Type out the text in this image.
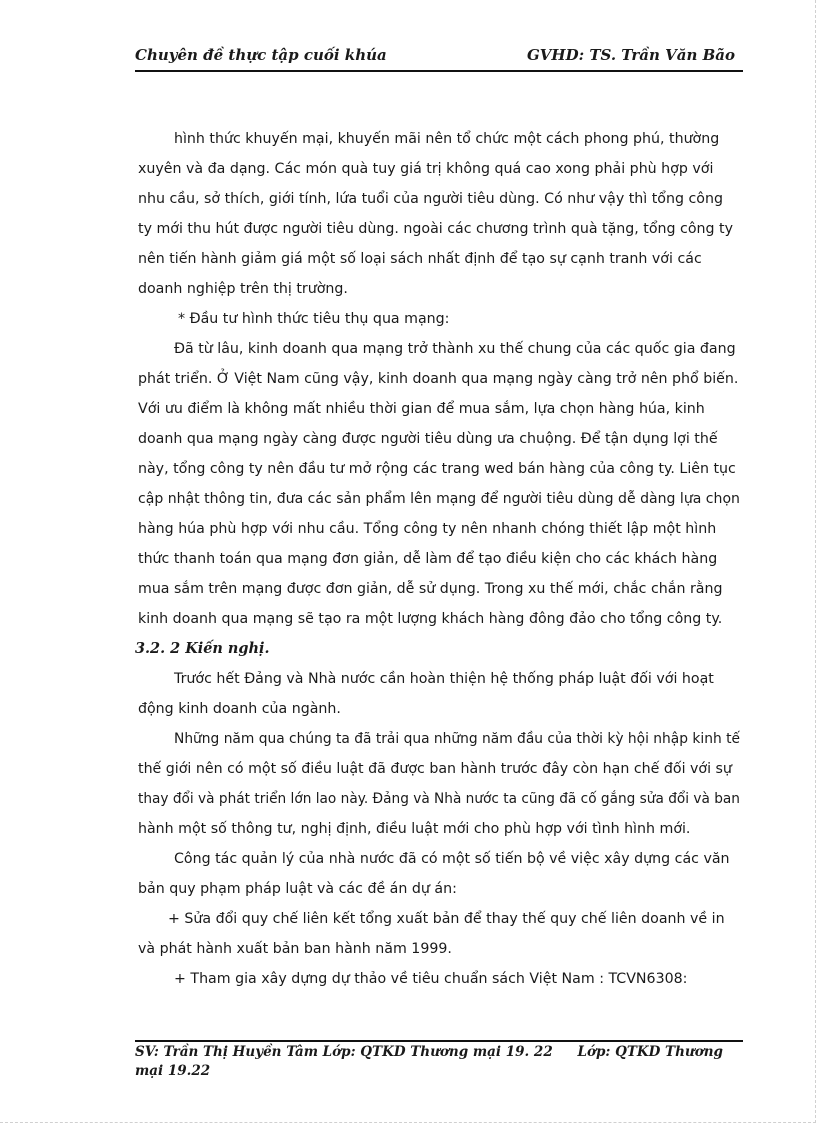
Chuyên đề thực tập cuối khúa	GVHD: TS. Trần Văn Bão
hình thức khuyến mại, khuyến mãi nên tổ chức một cách phong phú, thường
xuyên và đa dạng. Các món quà tuy giá trị không quá cao xong phải phù hợp với
nhu cầu, sở thích, giới tính, lứa tuổi của người tiêu dùng. Có như vậy thì tổng công
ty mới thu hút được người tiêu dùng. ngoài các chương trình quà tặng, tổng công ty
nên tiến hành giảm giá một số loại sách nhất định để tạo sự cạnh tranh với các
doanh nghiệp trên thị trường.
* Đầu tư hình thức tiêu thụ qua mạng:
Đã từ lâu, kinh doanh qua mạng trở thành xu thế chung của các quốc gia đang
phát triển. Ở Việt Nam cũng vậy, kinh doanh qua mạng ngày càng trở nên phổ biến.
Với ưu điểm là không mất nhiều thời gian để mua sắm, lựa chọn hàng húa, kinh
doanh qua mạng ngày càng được người tiêu dùng ưa chuộng. Để tận dụng lợi thế
này, tổng công ty nên đầu tư mở rộng các trang wed bán hàng của công ty. Liên tục
cập nhật thông tin, đưa các sản phẩm lên mạng để người tiêu dùng dễ dàng lựa chọn
hàng húa phù hợp với nhu cầu. Tổng công ty nên nhanh chóng thiết lập một hình
thức thanh toán qua mạng đơn giản, dễ làm để tạo điều kiện cho các khách hàng
mua sắm trên mạng được đơn giản, dễ sử dụng. Trong xu thế mới, chắc chắn rằng
kinh doanh qua mạng sẽ tạo ra một lượng khách hàng đông đảo cho tổng công ty.
3.2. 2 Kiến nghị.
Trước hết Đảng và Nhà nước cần hoàn thiện hệ thống pháp luật đối với hoạt
động kinh doanh của ngành.
Những năm qua chúng ta đã trải qua những năm đầu của thời kỳ hội nhập kinh tế
thế giới nên có một số điều luật đã được ban hành trước đây còn hạn chế đối với sự
thay đổi và phát triển lớn lao này. Đảng và Nhà nước ta cũng đã cố gắng sửa đổi và ban
hành một số thông tư, nghị định, điều luật mới cho phù hợp với tình hình mới.
Công tác quản lý của nhà nước đã có một số tiến bộ về việc xây dựng các văn
bản quy phạm pháp luật và các đề án dự án:
+ Sửa đổi quy chế liên kết tổng xuất bản để thay thế quy chế liên doanh về in
và phát hành xuất bản ban hành năm 1999.
+ Tham gia xây dựng dự thảo về tiêu chuẩn sách Việt Nam : TCVN6308:
SV: Trần Thị Huyền Tâm Lớp: QTKD Thương mại 19. 22 Lớp: QTKD Thương
mại 19.22
